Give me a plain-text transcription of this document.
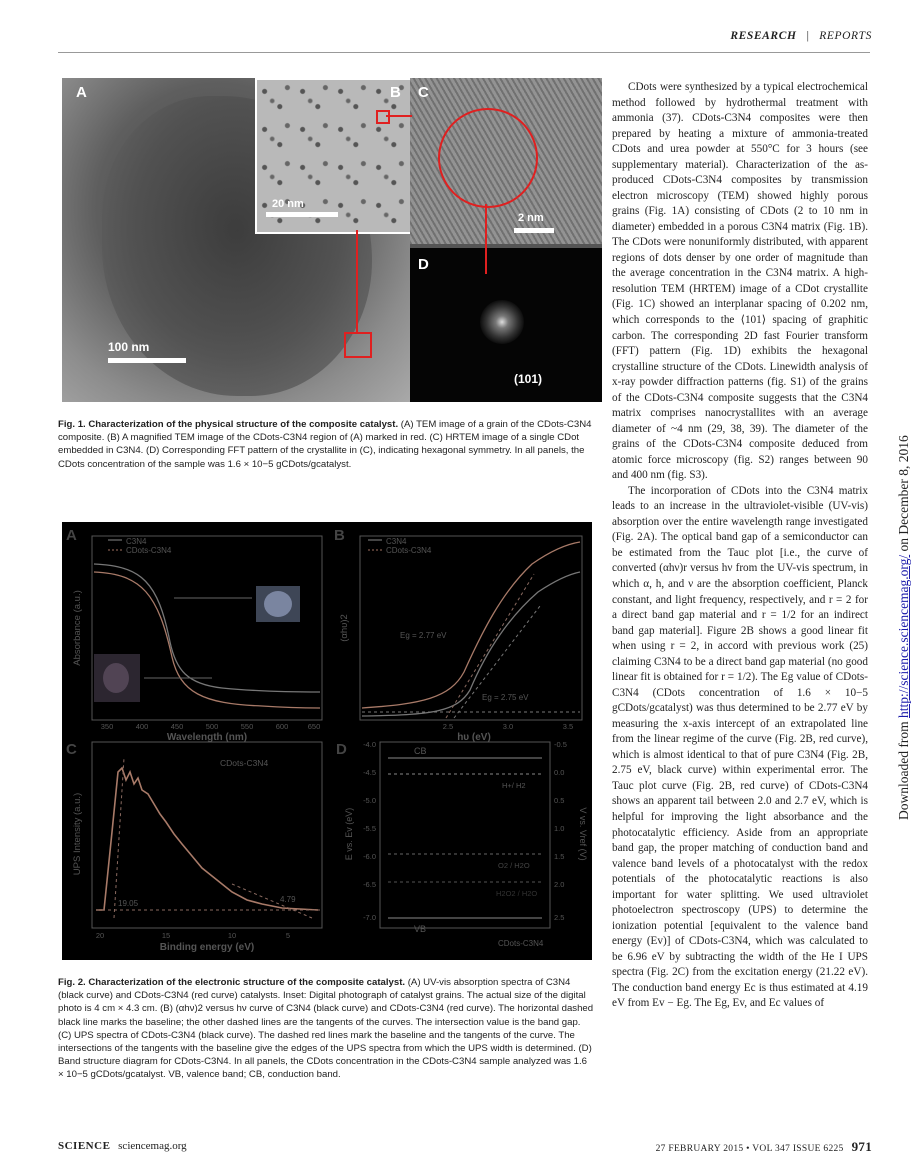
RESEARCH | REPORTS
A	B C
D
100 nm
20 nm
2 nm
(101)
Fig. 1. Characterization of the physical structure of the composite catalyst. (A) TEM image of a grain of the CDots-C3N4 composite. (B) A magnified TEM image of the CDots-C3N4 region of (A) marked in red. (C) HRTEM image of a single CDot embedded in C3N4. (D) Corresponding FFT pattern of the crystallite in (C), indicating hexagonal symmetry. In all panels, the CDots concentration of the sample was 1.6 × 10−5 gCDots/gcatalyst.
A	B
C	D
C3N4
CDots-C3N4
350	400	450	500	550	600	650
Wavelength (nm)
Absorbance (a.u.)
C3N4
CDots-C3N4
Eg = 2.77 eV
Eg = 2.75 eV
2.5	3.0	3.5
hυ (eV)
(αhυ)2
CDots-C3N4
19.05	4.79
20	15	10	5
Binding energy (eV)
UPS Intensity (a.u.)
CB
VB
H+/ H2
O2 / H2O
H2O2 / H2O
CDots-C3N4
-4.0
-4.5
-5.0
-5.5
-6.0
-6.5
-7.0
-0.5
0.0
0.5
1.0
1.5
2.0
2.5
E vs. Ev (eV)	V vs. Vref (V)
Fig. 2. Characterization of the electronic structure of the composite catalyst. (A) UV-vis absorption spectra of C3N4 (black curve) and CDots-C3N4 (red curve) catalysts. Inset: Digital photograph of catalyst grains. The actual size of the digital photo is 4 cm × 4.3 cm. (B) (αhν)2 versus hν curve of C3N4 (black curve) and CDots-C3N4 (red curve). The horizontal dashed black line marks the baseline; the other dashed lines are the tangents of the curves. The intersection value is the band gap. (C) UPS spectra of CDots-C3N4 (black curve). The dashed red lines mark the baseline and the tangents of the curve. The intersections of the tangents with the baseline give the edges of the UPS spectra from which the UPS width is determined. (D) Band structure diagram for CDots-C3N4. In all panels, the CDots concentration in the CDots-C3N4 sample analyzed was 1.6 × 10−5 gCDots/gcatalyst. VB, valence band; CB, conduction band.

CDots were synthesized by a typical electrochemical method followed by hydrothermal treatment with ammonia (37). CDots-C3N4 composites were then prepared by heating a mixture of ammonia-treated CDots and urea powder at 550°C for 3 hours (see supplementary material). Characterization of the as-produced CDots-C3N4 composites by transmission electron microscopy (TEM) showed highly porous grains (Fig. 1A) consisting of CDots (2 to 10 nm in diameter) embedded in a porous C3N4 matrix (Fig. 1B). The CDots were nonuniformly distributed, with apparent regions of dots denser by one order of magnitude than the average concentration in the C3N4 matrix. A high-resolution TEM (HRTEM) image of a CDot crystallite (Fig. 1C) showed an interplanar spacing of 0.202 nm, which corresponds to the ⟨101⟩ spacing of graphitic carbon. The corresponding 2D fast Fourier transform (FFT) pattern (Fig. 1D) exhibits the hexagonal crystalline structure of the CDots. Linewidth analysis of x-ray powder diffraction patterns (fig. S1) of the grains of the CDots-C3N4 composite suggests that the C3N4 matrix comprises nanocrystallites with an average diameter of ~4 nm (29, 38, 39). The diameter of the grains of the CDots-C3N4 composite deduced from atomic force microscopy (fig. S2) ranges between 90 and 400 nm (fig. S3).

The incorporation of CDots into the C3N4 matrix leads to an increase in the ultraviolet-visible (UV-vis) absorption over the entire wavelength range investigated (Fig. 2A). The optical band gap of a semiconductor can be estimated from the Tauc plot [i.e., the curve of converted (αhν)r versus hν from the UV-vis spectrum, in which α, h, and ν are the absorption coefficient, Planck constant, and light frequency, respectively, and r = 2 for a direct band gap material and r = 1/2 for an indirect band gap material]. Figure 2B shows a good linear fit when using r = 2, in accord with previous work (25) claiming C3N4 to be a direct band gap material (no good linear fit is obtained for r = 1/2). The Eg value of CDots-C3N4 (CDots concentration of 1.6 × 10−5 gCDots/gcatalyst) was thus determined to be 2.77 eV by measuring the x-axis intercept of an extrapolated line from the linear regime of the curve (Fig. 2B, red curve), which is almost identical to that of pure C3N4 (Fig. 2B, 2.75 eV, black curve) within experimental error. The Tauc plot curve (Fig. 2B, red curve) of CDots-C3N4 shows an apparent tail between 2.0 and 2.7 eV, which is helpful for improving the light absorbance and the photocatalytic efficiency. Aside from an appropriate band gap, the proper matching of conduction band and valence band levels of a photocatalyst with the redox potentials of the photocatalytic reactions is also important for water splitting. We used ultraviolet photoelectron spectroscopy (UPS) to determine the ionization potential [equivalent to the valence band energy (Ev)] of CDots-C3N4, which was calculated to be 6.96 eV by subtracting the width of the He I UPS spectra (Fig. 2C) from the excitation energy (21.22 eV). The conduction band energy Ec is thus estimated at 4.19 eV from Ev − Eg. The Eg, Ev, and Ec values of

Downloaded from http://science.sciencemag.org/ on December 8, 2016
SCIENCE sciencemag.org	27 FEBRUARY 2015 • VOL 347 ISSUE 6225 971
